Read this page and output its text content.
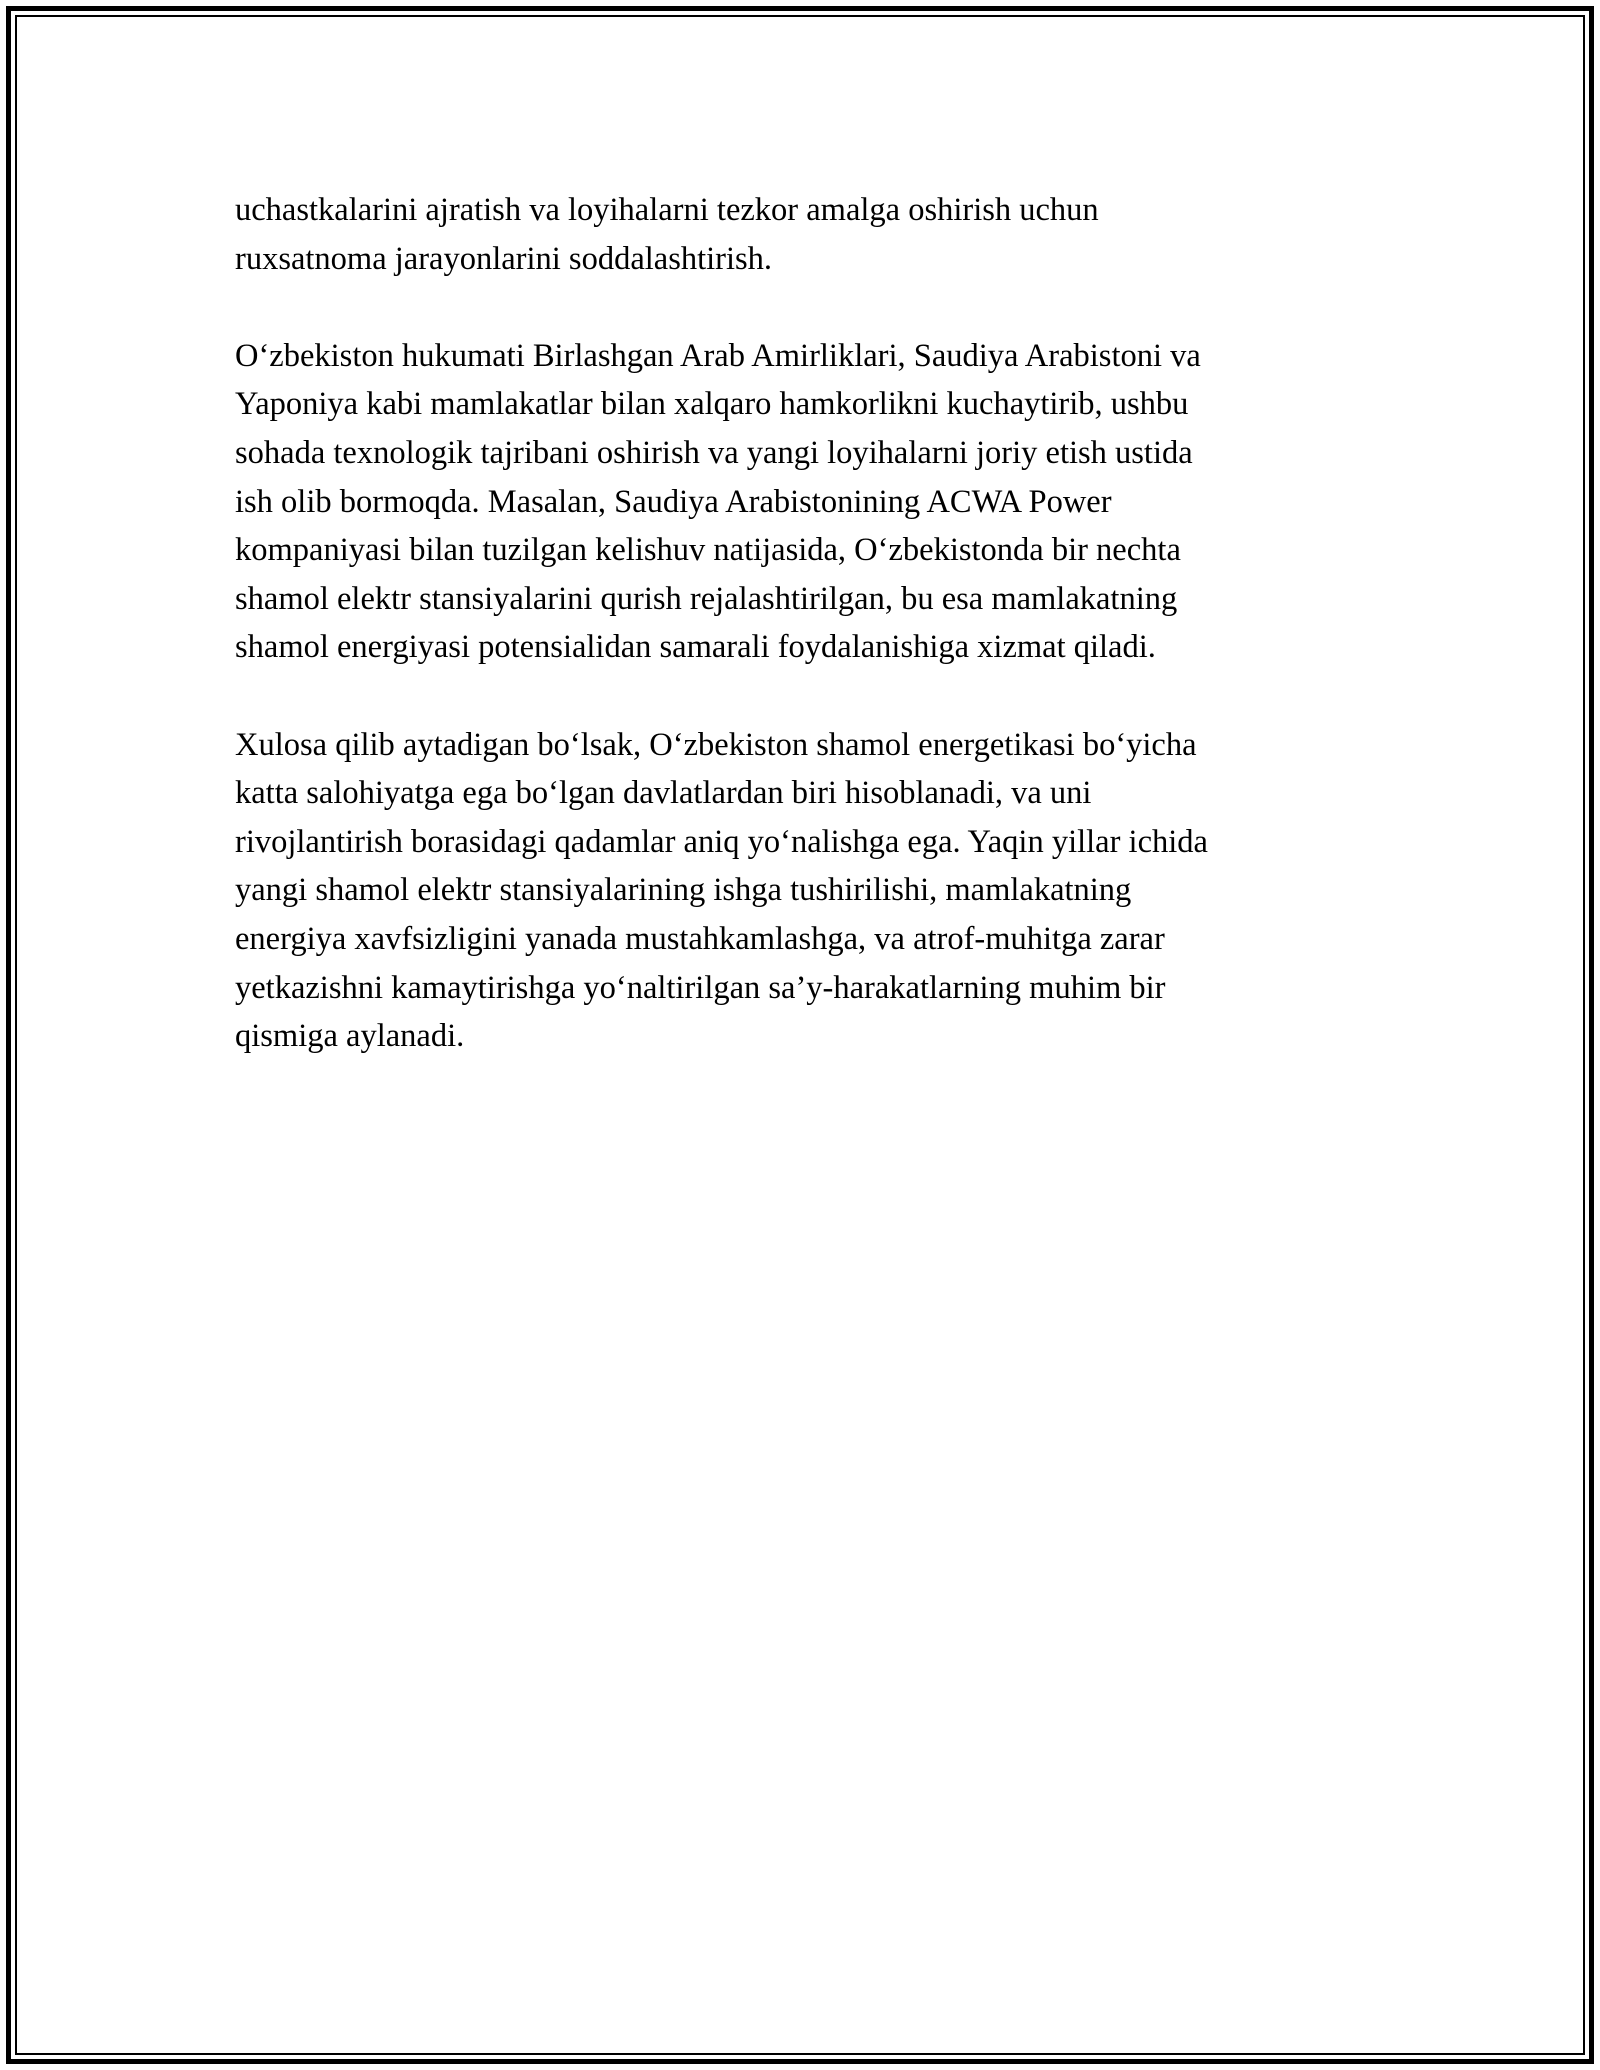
uchastkalarini ajratish va loyihalarni tezkor amalga oshirish uchun
ruxsatnoma jarayonlarini soddalashtirish.

O‘zbekiston hukumati Birlashgan Arab Amirliklari, Saudiya Arabistoni va
Yaponiya kabi mamlakatlar bilan xalqaro hamkorlikni kuchaytirib, ushbu
sohada texnologik tajribani oshirish va yangi loyihalarni joriy etish ustida
ish olib bormoqda. Masalan, Saudiya Arabistonining ACWA Power
kompaniyasi bilan tuzilgan kelishuv natijasida, O‘zbekistonda bir nechta
shamol elektr stansiyalarini qurish rejalashtirilgan, bu esa mamlakatning
shamol energiyasi potensialidan samarali foydalanishiga xizmat qiladi.

Xulosa qilib aytadigan bo‘lsak, O‘zbekiston shamol energetikasi bo‘yicha
katta salohiyatga ega bo‘lgan davlatlardan biri hisoblanadi, va uni
rivojlantirish borasidagi qadamlar aniq yo‘nalishga ega. Yaqin yillar ichida
yangi shamol elektr stansiyalarining ishga tushirilishi, mamlakatning
energiya xavfsizligini yanada mustahkamlashga, va atrof-muhitga zarar
yetkazishni kamaytirishga yo‘naltirilgan sa’y-harakatlarning muhim bir
qismiga aylanadi.
